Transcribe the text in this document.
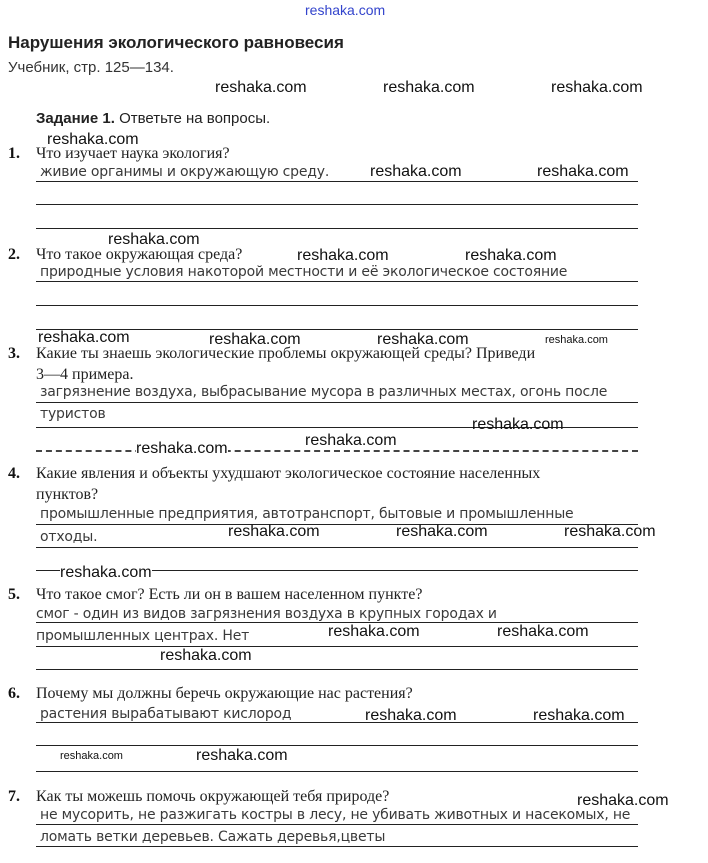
reshaka.com
Нарушения экологического равновесия
Учебник, стр. 125—134.
reshaka.com	reshaka.com	reshaka.com
Задание 1. Ответьте на вопросы.
reshaka.com
1. Что изучает наука экология?
живие органимы и окружающую среду.	reshaka.com	reshaka.com
reshaka.com
2. Что такое окружающая среда?	reshaka.com	reshaka.com
природные условия накоторой местности и её экологическое состояние
reshaka.com	reshaka.com	reshaka.com	reshaka.com
3. Какие ты знаешь экологические проблемы окружающей среды? Приведи
3—4 примера.
загрязнение воздуха, выбрасывание мусора в различных местах, огонь после
туристов
reshaka.com
reshaka.com
reshaka.com
4. Какие явления и объекты ухудшают экологическое состояние населенных
пунктов?
промышленные предприятия, автотранспорт, бытовые и промышленные
отходы.	reshaka.com	reshaka.com	reshaka.com
reshaka.com
5. Что такое смог? Есть ли он в вашем населенном пункте?
смог - один из видов загрязнения воздуха в крупных городах и
промышленных центрах. Нет	reshaka.com	reshaka.com
reshaka.com
6. Почему мы должны беречь окружающие нас растения?
растения вырабатывают кислород	reshaka.com	reshaka.com
reshaka.com	reshaka.com
7. Как ты можешь помочь окружающей тебя природе?	reshaka.com
не мусорить, не разжигать костры в лесу, не убивать животных и насекомых, не
ломать ветки деревьев. Сажать деревья,цветы
